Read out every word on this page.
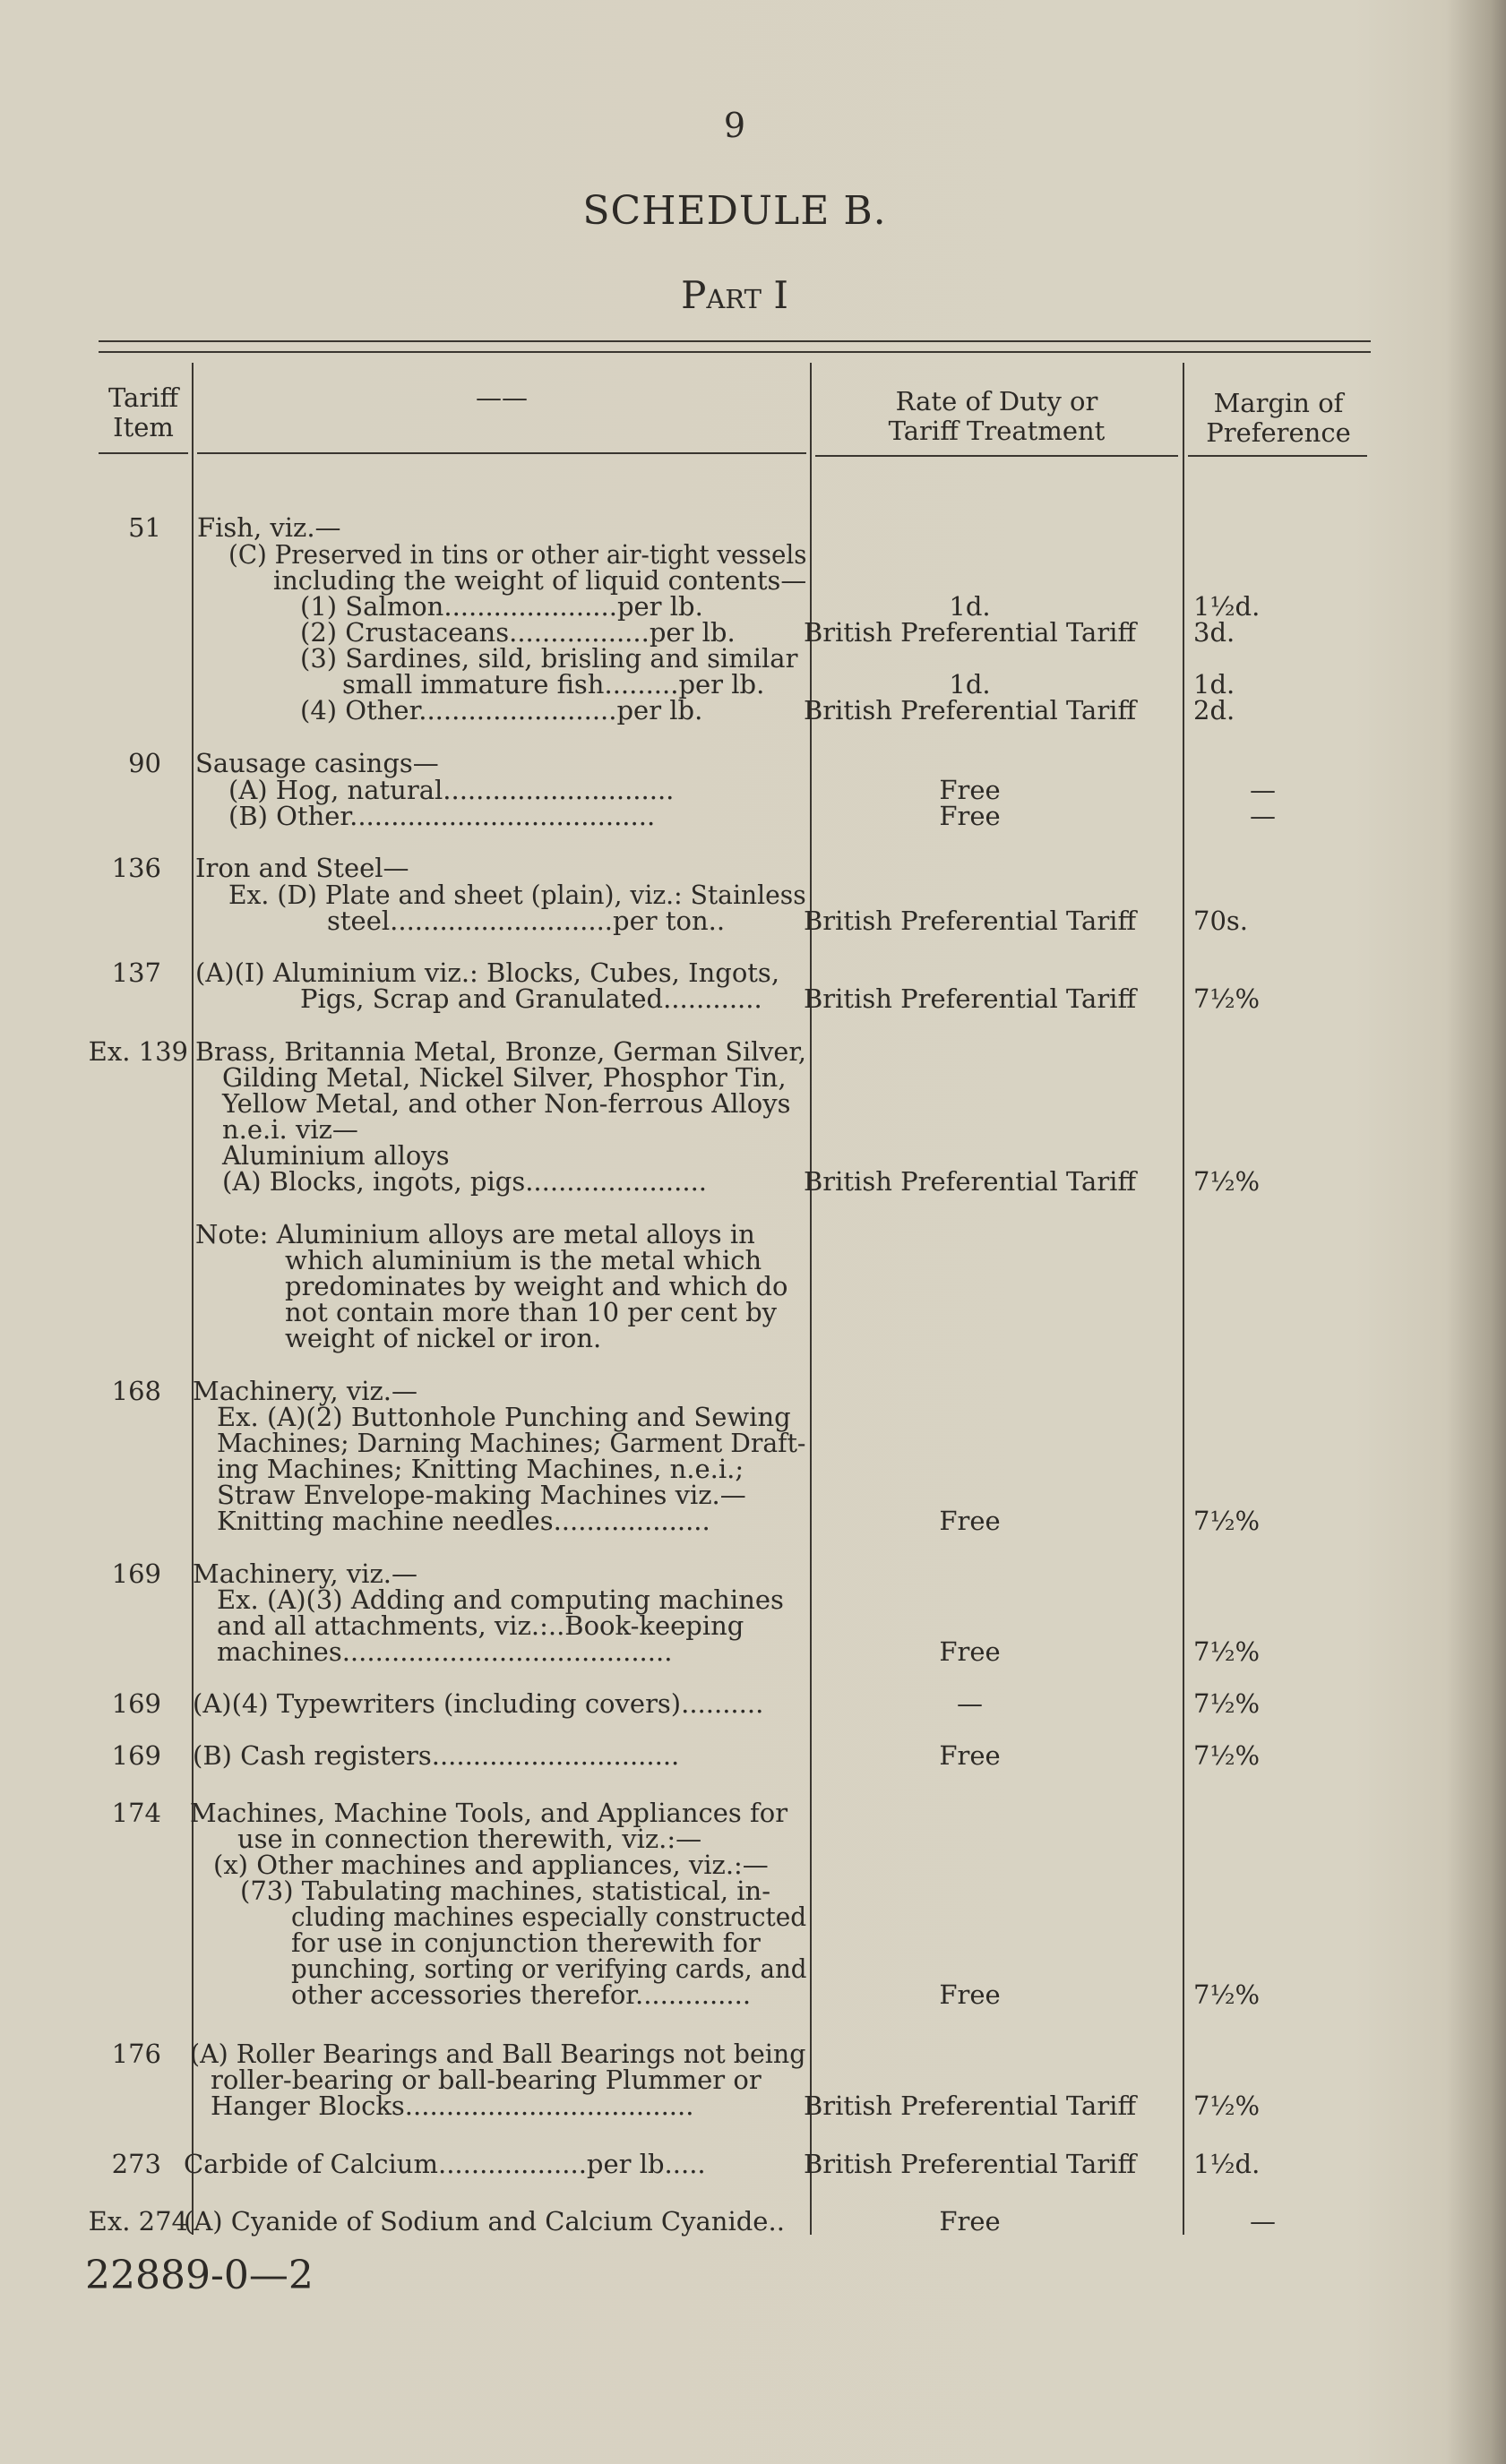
9
SCHEDULE B.
Part I
Tariff
Item
——	Rate of Duty or
Tariff Treatment
Margin of
Preference
51 Fish, viz.—
(C) Preserved in tins or other air-tight vessels
including the weight of liquid contents—
(1) Salmon.....................per lb.	1d.	1½d.
(2) Crustaceans.................per lb.	British Preferential Tariff	3d.
(3) Sardines, sild, brisling and similar
small immature fish.........per lb.	1d.	1d.
(4) Other........................per lb.	British Preferential Tariff	2d.
90 Sausage casings—
(A) Hog, natural............................	Free	—
(B) Other.....................................	Free	—
136 Iron and Steel—
Ex. (D) Plate and sheet (plain), viz.: Stainless
steel...........................per ton..	British Preferential Tariff	70s.
137 (A)(I) Aluminium viz.: Blocks, Cubes, Ingots,
Pigs, Scrap and Granulated............	British Preferential Tariff	7½%
Ex. 139 Brass, Britannia Metal, Bronze, German Silver,
Gilding Metal, Nickel Silver, Phosphor Tin,
Yellow Metal, and other Non-ferrous Alloys
n.e.i. viz—
Aluminium alloys
(A) Blocks, ingots, pigs......................	British Preferential Tariff	7½%
Note: Aluminium alloys are metal alloys in
which aluminium is the metal which
predominates by weight and which do
not contain more than 10 per cent by
weight of nickel or iron.
168 Machinery, viz.—
Ex. (A)(2) Buttonhole Punching and Sewing
Machines; Darning Machines; Garment Draft-
ing Machines; Knitting Machines, n.e.i.;
Straw Envelope-making Machines viz.—
Knitting machine needles...................	Free	7½%
169 Machinery, viz.—
Ex. (A)(3) Adding and computing machines
and all attachments, viz.:..Book-keeping
machines........................................	Free	7½%
169 (A)(4) Typewriters (including covers)..........	—	7½%
169 (B) Cash registers..............................	Free	7½%
174 Machines, Machine Tools, and Appliances for
use in connection therewith, viz.:—
(x) Other machines and appliances, viz.:—
(73) Tabulating machines, statistical, in-
cluding machines especially constructed
for use in conjunction therewith for
punching, sorting or verifying cards, and
other accessories therefor..............	Free	7½%
176 (A) Roller Bearings and Ball Bearings not being
roller-bearing or ball-bearing Plummer or
Hanger Blocks...................................	British Preferential Tariff	7½%
273 Carbide of Calcium..................per lb.....	British Preferential Tariff	1½d.
Ex. 274
(A) Cyanide of Sodium and Calcium Cyanide..	Free	—
22889-0—2
